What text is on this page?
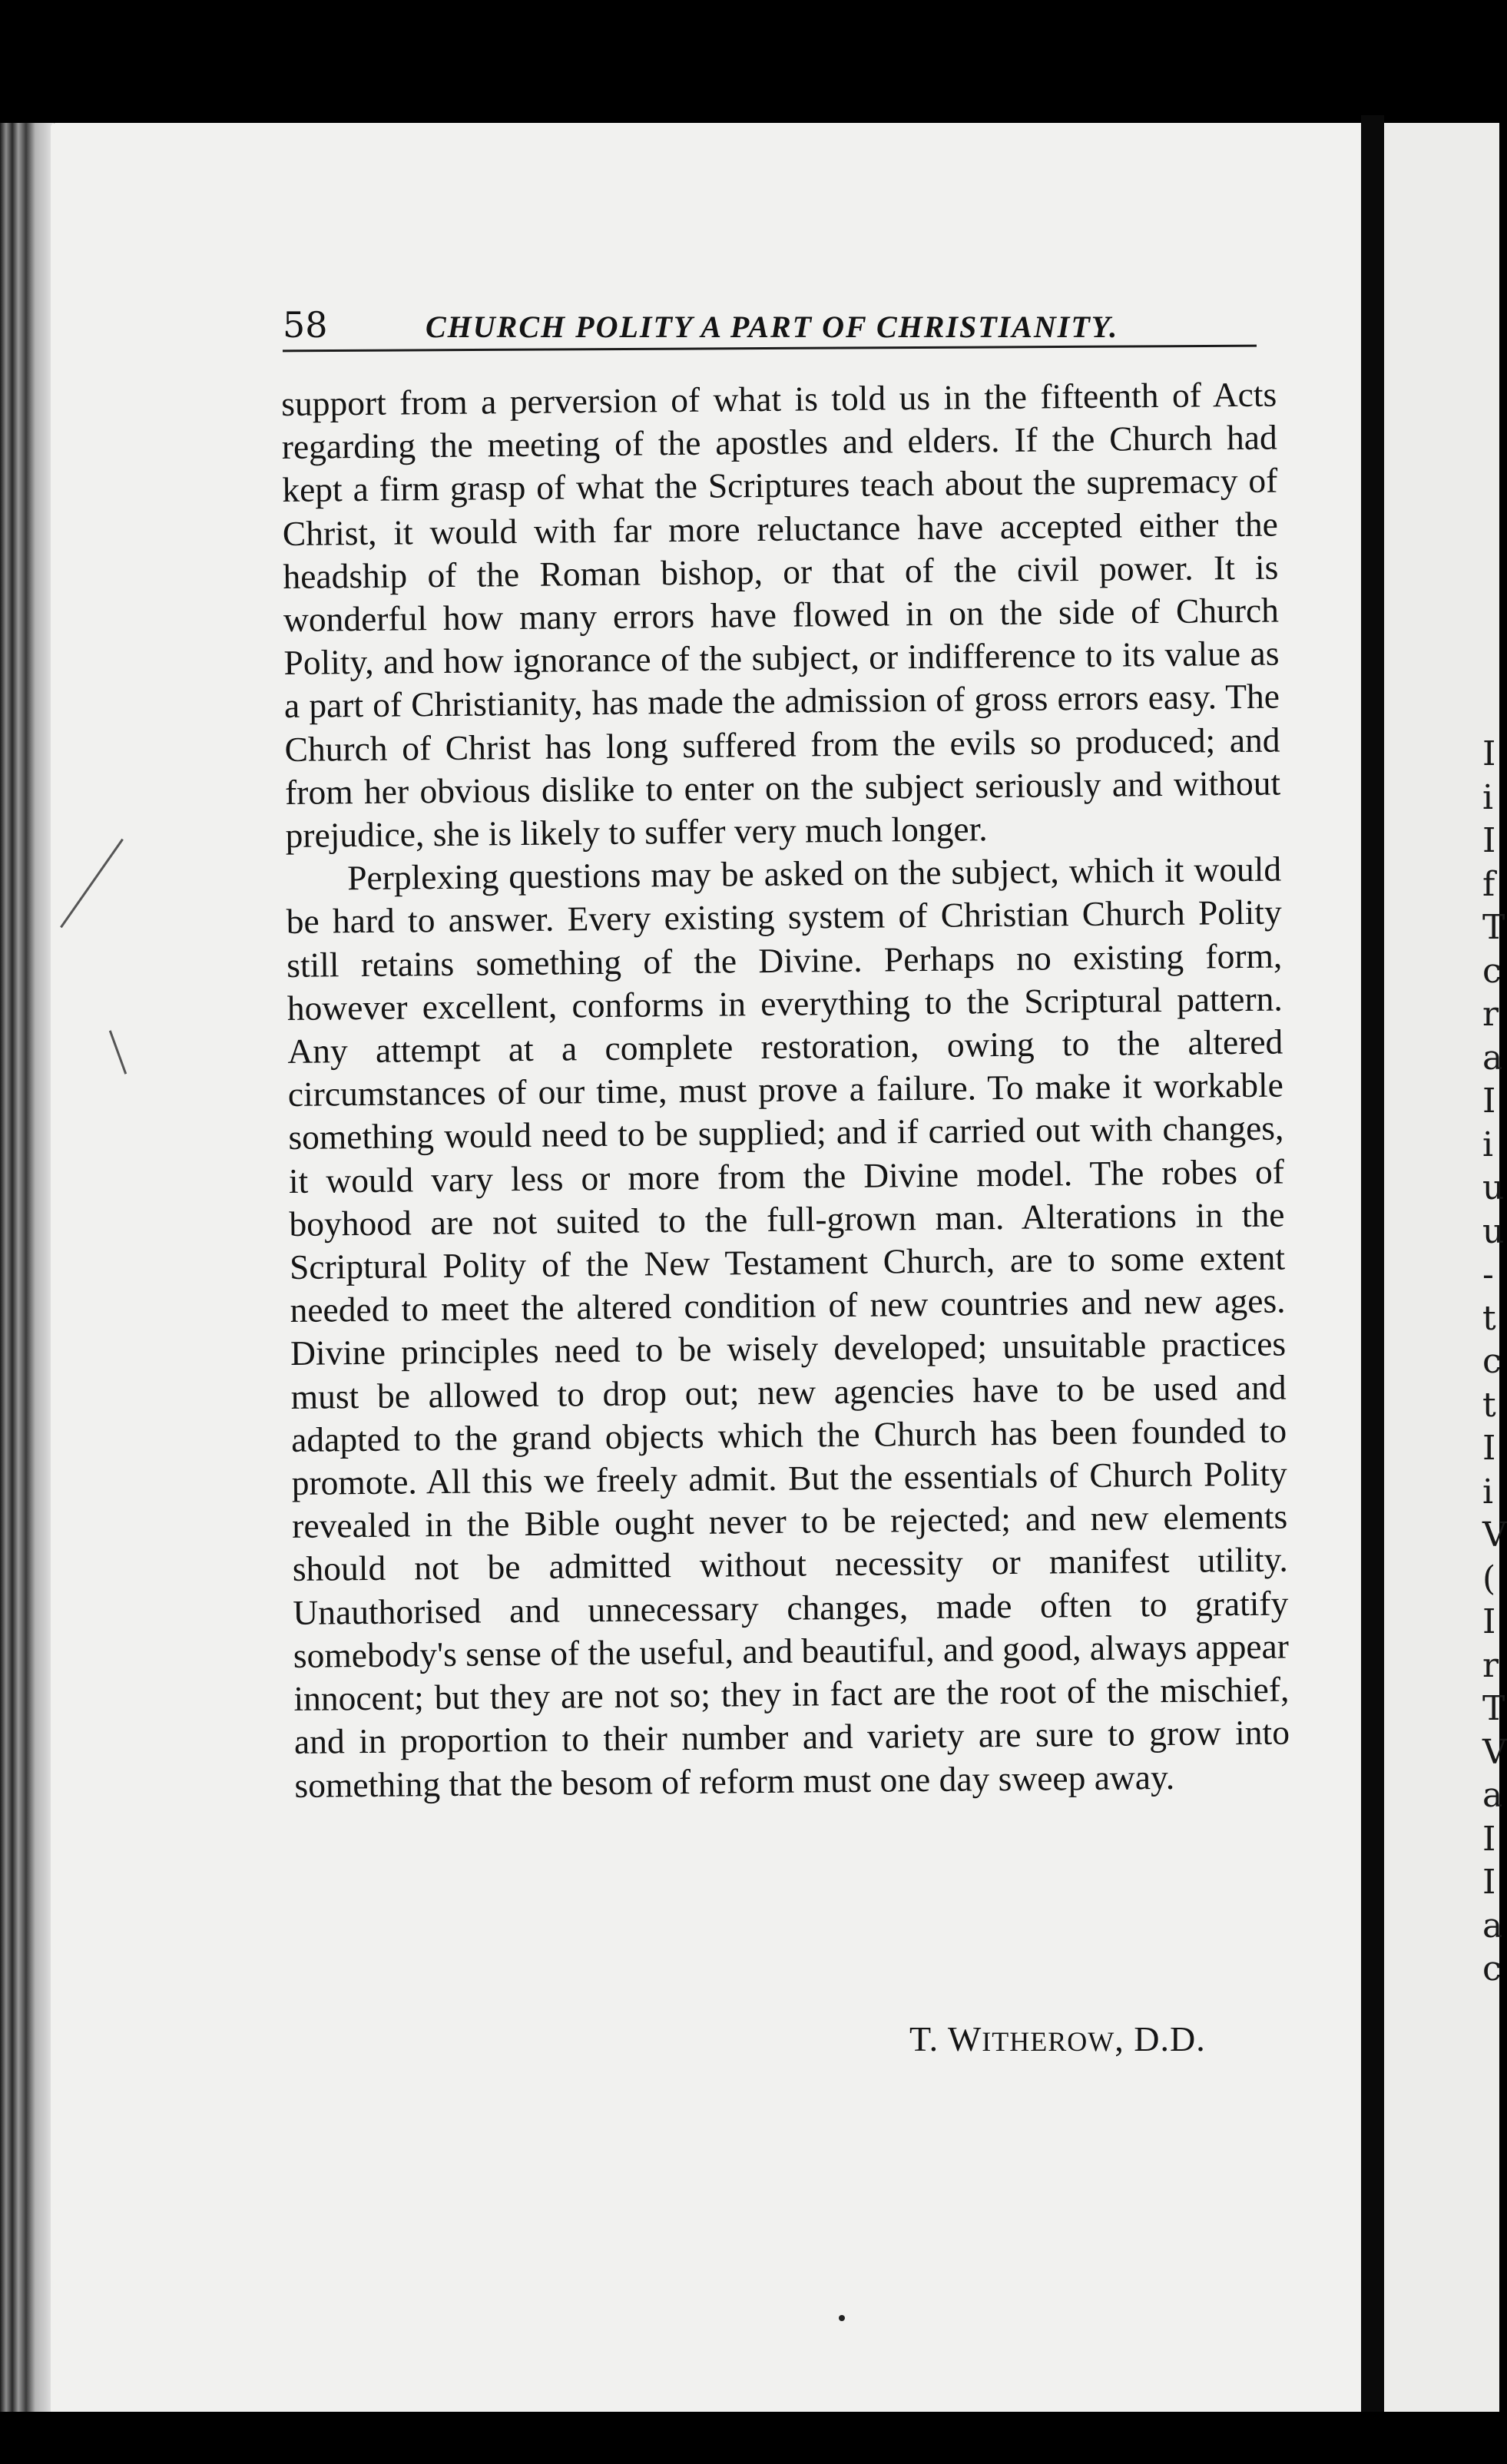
I
i
I
f
T
c
r
a
I
i
u
u
-
t
c
t
I
i
V
(
I
r
T
V
a
I
I
a
c
58	CHURCH POLITY A PART OF CHRISTIANITY.

support from a perversion of what is told us in the fifteenth of Acts regarding the meeting of the apostles and elders. If the Church had kept a firm grasp of what the Scriptures teach about the supremacy of Christ, it would with far more reluctance have accepted either the headship of the Roman bishop, or that of the civil power. It is wonderful how many errors have flowed in on the side of Church Polity, and how ignorance of the subject, or indifference to its value as a part of Christianity, has made the admission of gross errors easy. The Church of Christ has long suffered from the evils so produced; and from her obvious dislike to enter on the subject seriously and without prejudice, she is likely to suffer very much longer.

Perplexing questions may be asked on the subject, which it would be hard to answer. Every existing system of Christian Church Polity still retains something of the Divine. Perhaps no existing form, however excellent, conforms in everything to the Scriptural pattern. Any attempt at a complete restoration, owing to the altered circumstances of our time, must prove a failure. To make it workable something would need to be supplied; and if carried out with changes, it would vary less or more from the Divine model. The robes of boyhood are not suited to the full-grown man. Alterations in the Scriptural Polity of the New Testament Church, are to some extent needed to meet the altered condition of new countries and new ages. Divine principles need to be wisely developed; unsuitable practices must be allowed to drop out; new agencies have to be used and adapted to the grand objects which the Church has been founded to promote. All this we freely admit. But the essentials of Church Polity revealed in the Bible ought never to be rejected; and new elements should not be admitted without necessity or manifest utility. Unauthorised and unnecessary changes, made often to gratify somebody's sense of the useful, and beautiful, and good, always appear innocent; but they are not so; they in fact are the root of the mischief, and in proportion to their number and variety are sure to grow into something that the besom of reform must one day sweep away.

T. WITHEROW, D.D.
